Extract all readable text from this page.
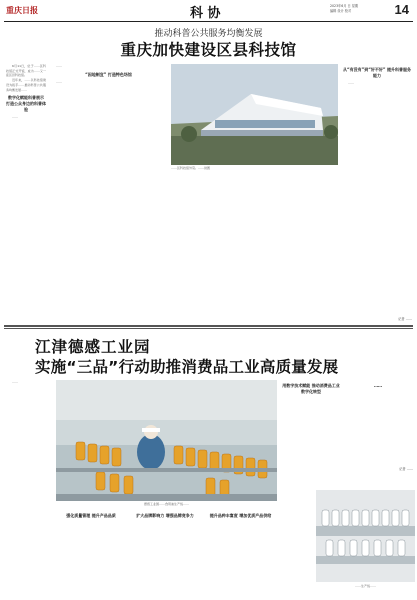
重庆日报	科 协	2023年6月 日 星期
编辑 设计 校对	14
推动科普公共服务均衡发展
重庆加快建设区县科技馆

6月11日，位于……区科技馆正式开馆，成为……又一座区县科技馆。

近年来，……以科技馆建设为抓手……推动科普公共服务均衡发展……

数字化赋能科普展示 打造公众身边的科普体验

……

……

“因地制宜” 打造特色场馆

……

……区科技馆外景。……供图
从“有没有”到“好不好” 提升科普服务能力

……

记者 ……
江津德感工业园
实施“三品”行动助推消费品工业高质量发展

……

德感工业园……食用油生产线……
强化质量管理 提升产品品质	扩大品牌影响力 增强品牌竞争力	提升品种丰富度 增加优质产品供给
用数字技术赋能 推动消费品工业数字化转型
……
记者 ……
……生产线……
